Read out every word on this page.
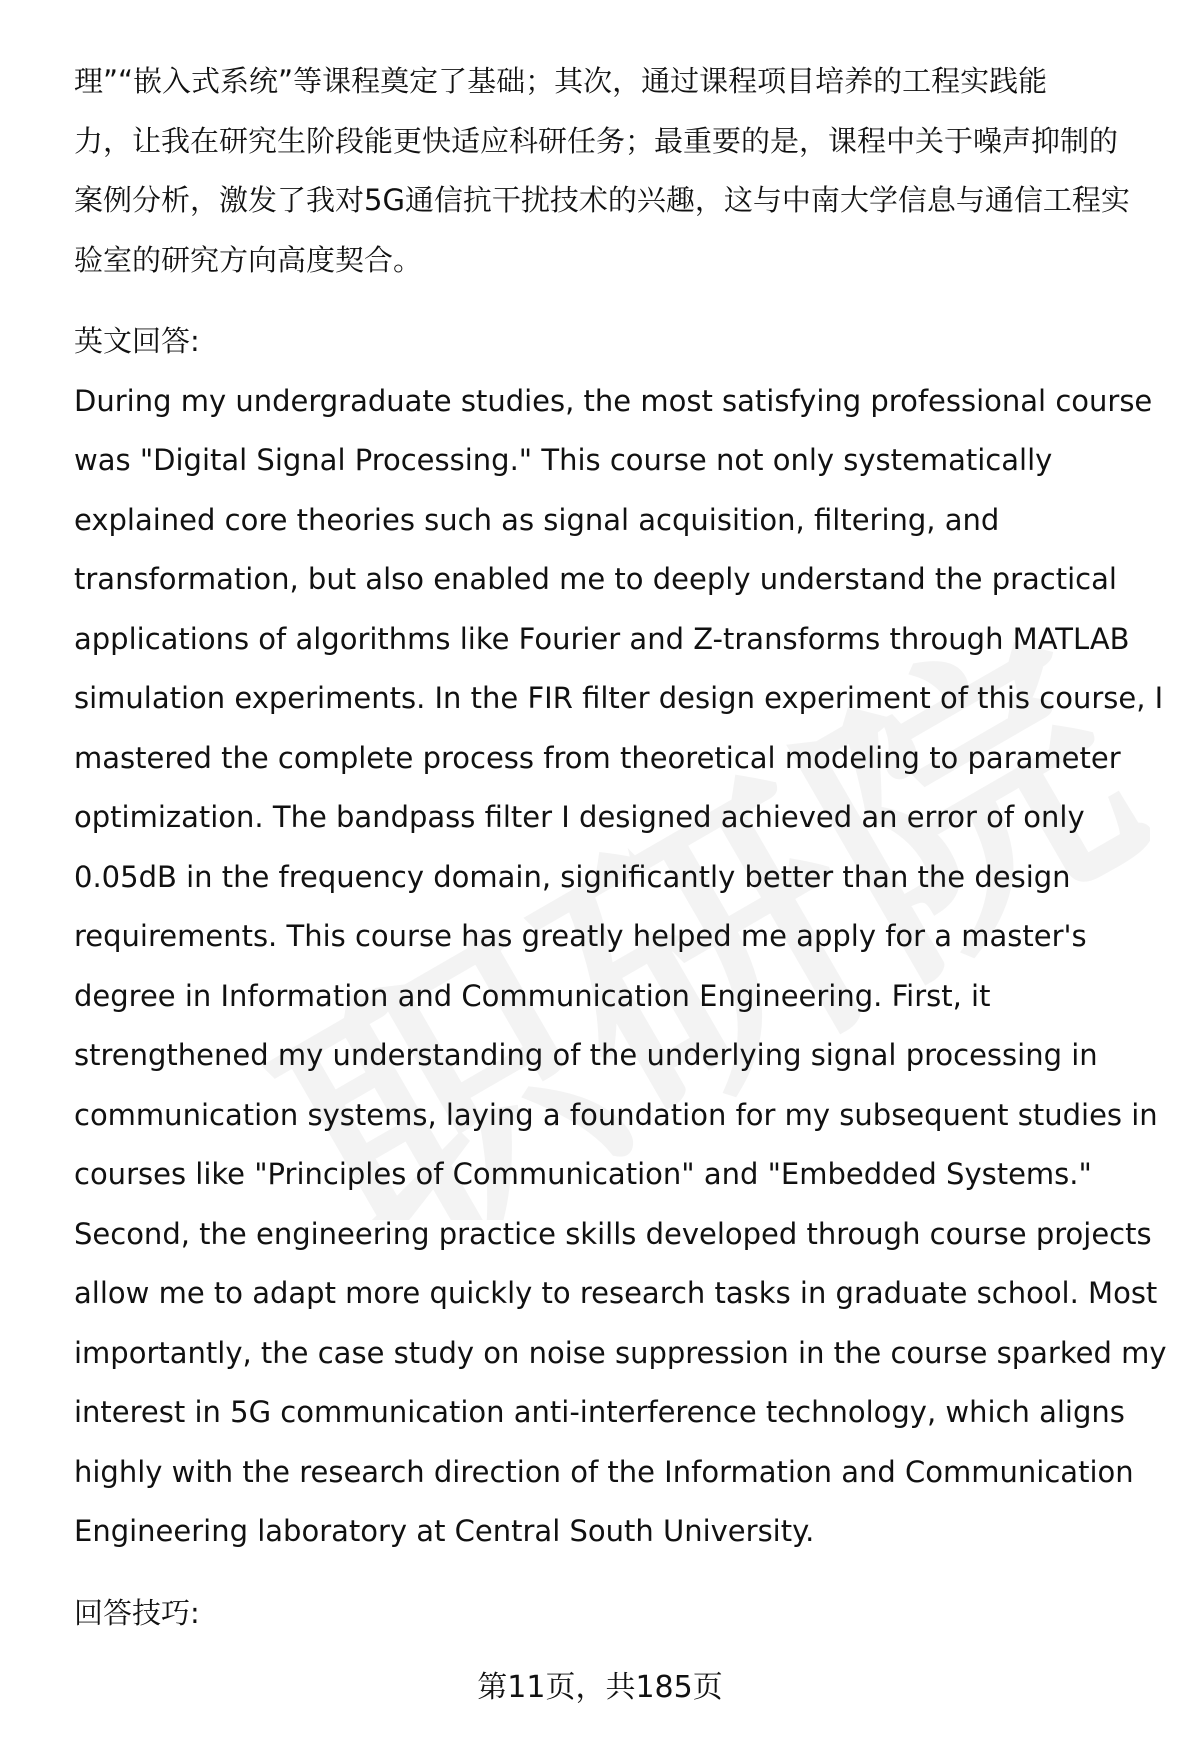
理”“嵌入式系统”等课程奠定了基础；其次，通过课程项目培养的工程实践能

力，让我在研究生阶段能更快适应科研任务；最重要的是，课程中关于噪声抑制的

案例分析，激发了我对5G通信抗干扰技术的兴趣，这与中南大学信息与通信工程实

验室的研究方向高度契合。

英文回答:

During my undergraduate studies, the most satisfying professional course

was "Digital Signal Processing." This course not only systematically

explained core theories such as signal acquisition, filtering, and

transformation, but also enabled me to deeply understand the practical

applications of algorithms like Fourier and Z-transforms through MATLAB

simulation experiments. In the FIR filter design experiment of this course, I

mastered the complete process from theoretical modeling to parameter

optimization. The bandpass filter I designed achieved an error of only

0.05dB in the frequency domain, significantly better than the design

requirements. This course has greatly helped me apply for a master's

degree in Information and Communication Engineering. First, it

strengthened my understanding of the underlying signal processing in

communication systems, laying a foundation for my subsequent studies in

courses like "Principles of Communication" and "Embedded Systems."

Second, the engineering practice skills developed through course projects

allow me to adapt more quickly to research tasks in graduate school. Most

importantly, the case study on noise suppression in the course sparked my

interest in 5G communication anti-interference technology, which aligns

highly with the research direction of the Information and Communication

Engineering laboratory at Central South University.

回答技巧:

第11页，共185页
